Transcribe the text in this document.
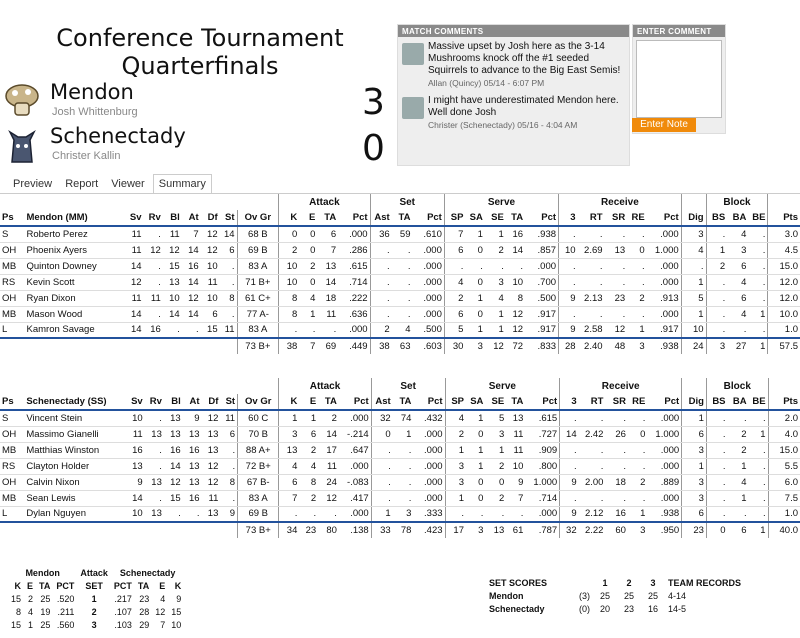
Conference Tournament
Quarterfinals
Mendon
Josh Whittenburg	3
Schenectady
Christer Kallin	0
MATCH COMMENTS
Massive upset by Josh here as the 3-14 Mushrooms knock off the #1 seeded Squirrels to advance to the Big East Semis!
Allan (Quincy) 05/14 - 6:07 PM
I might have underestimated Mendon here. Well done Josh
Christer (Schenectady) 05/16 - 4:04 AM
ENTER COMMENT
Enter Note
Preview Report Viewer Summary
									Attack				Set			Serve					Receive						Block			
Ps	Mendon (MM)	Sv	Rv	Bl	At	Df	St	Ov Gr	K	E	TA	Pct	Ast	TA	Pct	SP	SA	SE	TA	Pct	3	RT	SR	RE	Pct	Dig	BS	BA	BE	Pts
S	Roberto Perez	11	.	11	7	12	14	68 B	0	0	6	.000	36	59	.610	7	1	1	16	.938	.	.	.	.	.000	3	.	4	.	3.0
OH	Phoenix Ayers	11	12	12	14	12	6	69 B	2	0	7	.286	.	.	.000	6	0	2	14	.857	10	2.69	13	0	1.000	4	1	3	.	4.5
MB	Quinton Downey	14	.	15	16	10	.	83 A	10	2	13	.615	.	.	.000	.	.	.	.	.000	.	.	.	.	.000	.	2	6	.	15.0
RS	Kevin Scott	12	.	13	14	11	.	71 B+	10	0	14	.714	.	.	.000	4	0	3	10	.700	.	.	.	.	.000	1	.	4	.	12.0
OH	Ryan Dixon	11	11	10	12	10	8	61 C+	8	4	18	.222	.	.	.000	2	1	4	8	.500	9	2.13	23	2	.913	5	.	6	.	12.0
MB	Mason Wood	14	.	14	14	6	.	77 A-	8	1	11	.636	.	.	.000	6	0	1	12	.917	.	.	.	.	.000	1	.	4	1	10.0
L	Kamron Savage	14	16	.	.	15	11	83 A	.	.	.	.000	2	4	.500	5	1	1	12	.917	9	2.58	12	1	.917	10	.	.	.	1.0
								73 B+	38	7	69	.449	38	63	.603	30	3	12	72	.833	28	2.40	48	3	.938	24	3	27	1	57.5
									Attack				Set			Serve					Receive						Block			
Ps	Schenectady (SS)	Sv	Rv	Bl	At	Df	St	Ov Gr	K	E	TA	Pct	Ast	TA	Pct	SP	SA	SE	TA	Pct	3	RT	SR	RE	Pct	Dig	BS	BA	BE	Pts
S	Vincent Stein	10	.	13	9	12	11	60 C	1	1	2	.000	32	74	.432	4	1	5	13	.615	.	.	.	.	.000	1	.	.	.	2.0
OH	Massimo Gianelli	11	13	13	13	13	6	70 B	3	6	14	-.214	0	1	.000	2	0	3	11	.727	14	2.42	26	0	1.000	6	.	2	1	4.0
MB	Matthias Winston	16	.	16	16	13	.	88 A+	13	2	17	.647	.	.	.000	1	1	1	11	.909	.	.	.	.	.000	3	.	2	.	15.0
RS	Clayton Holder	13	.	14	13	12	.	72 B+	4	4	11	.000	.	.	.000	3	1	2	10	.800	.	.	.	.	.000	1	.	1	.	5.5
OH	Calvin Nixon	9	13	12	13	12	8	67 B-	6	8	24	-.083	.	.	.000	3	0	0	9	1.000	9	2.00	18	2	.889	3	.	4	.	6.0
MB	Sean Lewis	14	.	15	16	11	.	83 A	7	2	12	.417	.	.	.000	1	0	2	7	.714	.	.	.	.	.000	3	.	1	.	7.5
L	Dylan Nguyen	10	13	.	.	13	9	69 B	.	.	.	.000	1	3	.333	.	.	.	.	.000	9	2.12	16	1	.938	6	.	.	.	1.0
								73 B+	34	23	80	.138	33	78	.423	17	3	13	61	.787	32	2.22	60	3	.950	23	0	6	1	40.0
Mendon				Attack	Schenectady			
K	E	TA	PCT	SET	PCT	TA	E	K
15	2	25	.520	1	.217	23	4	9
8	4	19	.211	2	.107	28	12	15
15	1	25	.560	3	.103	29	7	10
SET SCORES		1	2	3	TEAM RECORDS
Mendon	(3)	25	25	25	4-14
Schenectady	(0)	20	23	16	14-5
